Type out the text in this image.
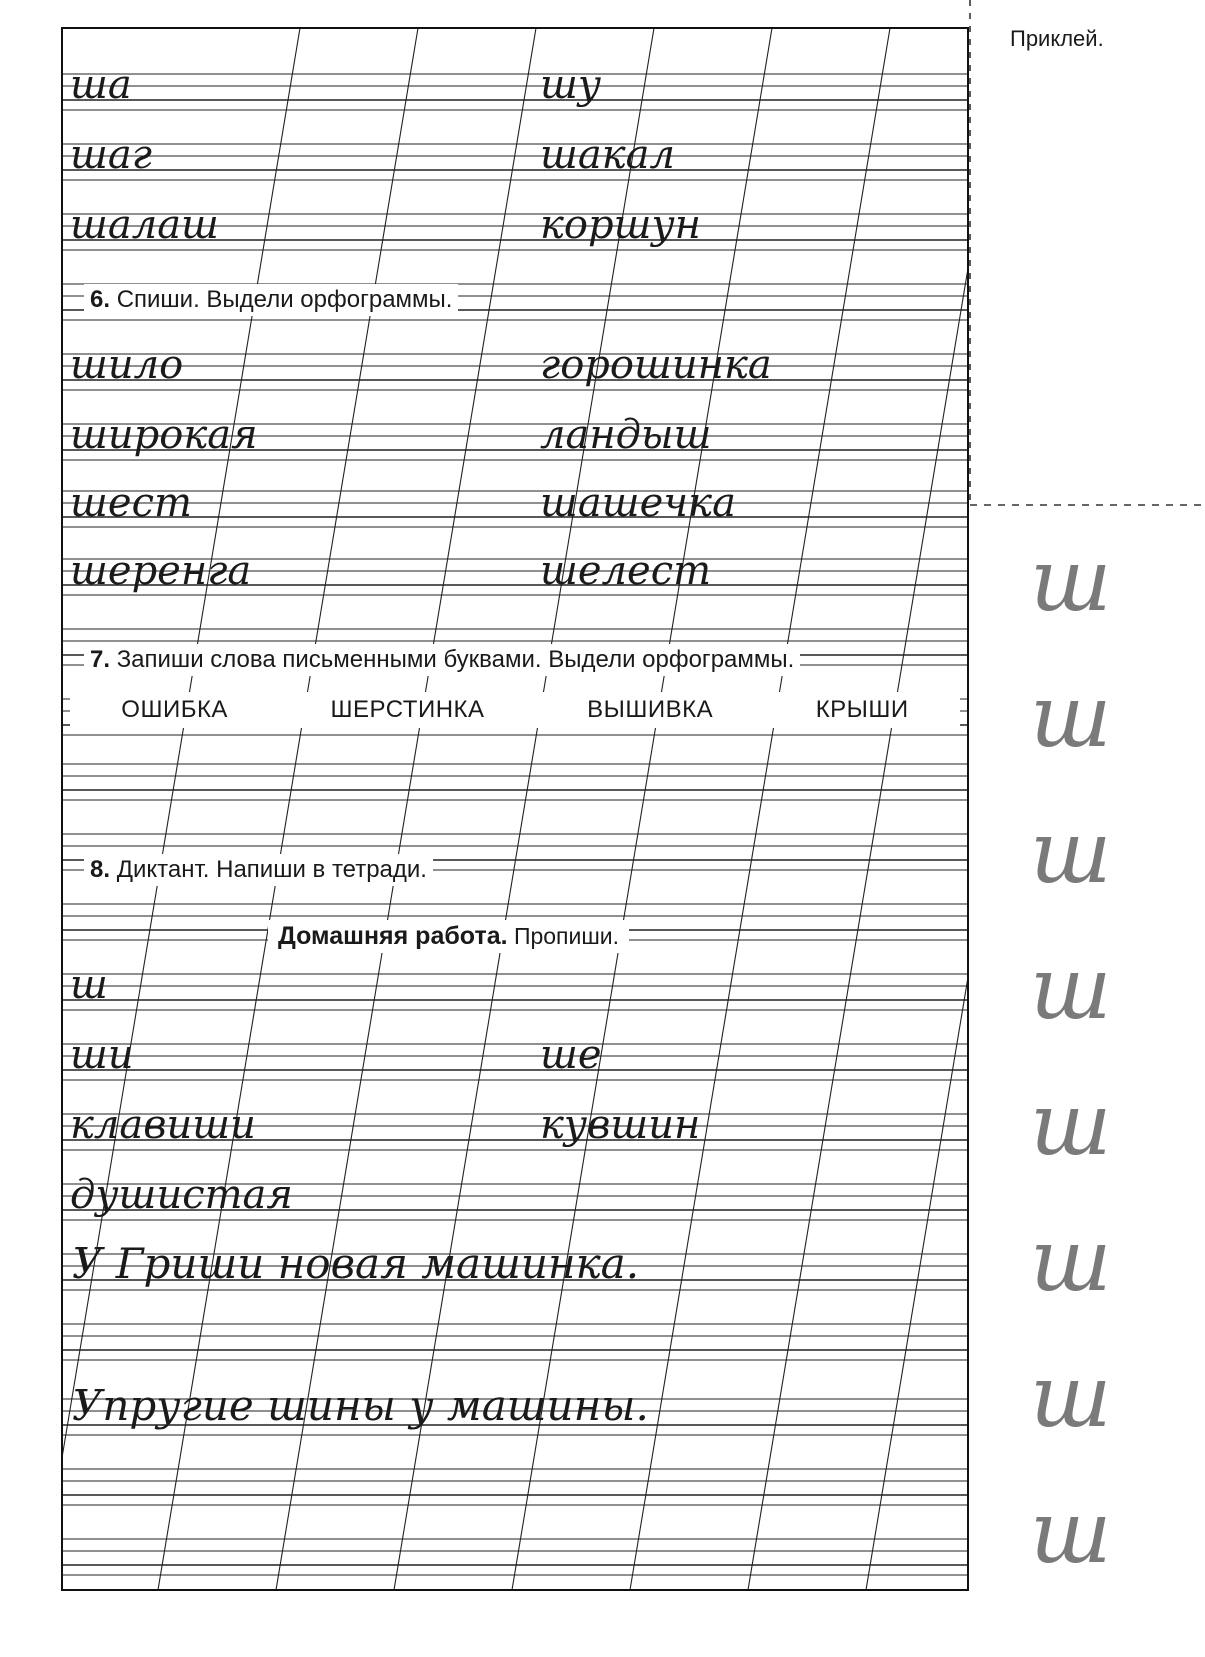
ша	шу
шаг	шакал
шалаш	коршун
шило	горошинка
широкая	ландыш
шест	шашечка
шеренга	шелест
ш
ши	ше
клавиши	кувшин
душистая
У Гриши новая машинка.
Упругие шины у машины.
ш
ш
ш
ш
ш
ш
ш
ш
Приклей.
6. Спиши. Выдели орфограммы.
7. Запиши слова письменными буквами. Выдели орфограммы.
ОШИБКА	ШЕРСТИНКА	ВЫШИВКА	КРЫШИ
8. Диктант. Напиши в тетради.
Домашняя работа. Пропиши.
